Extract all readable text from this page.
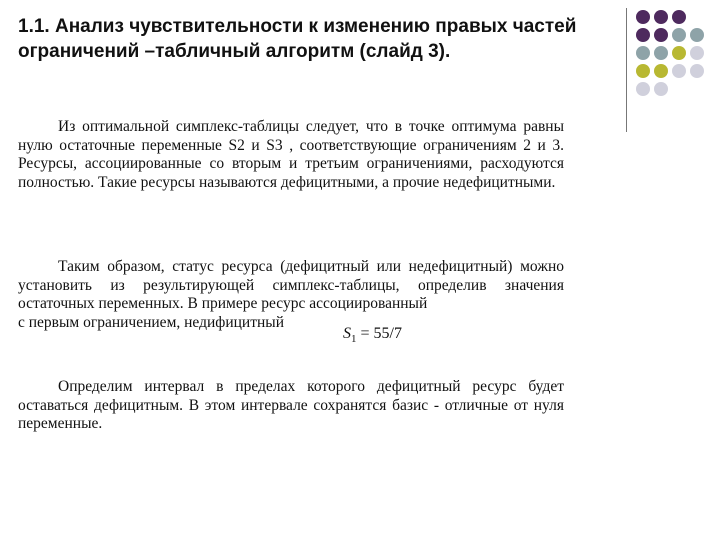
1.1. Анализ чувствительности к изменению правых частей ограничений –табличный алгоритм (слайд 3).

Из оптимальной симплекс-таблицы следует, что в точке оптимума равны нулю остаточные переменные S2 и S3 , соответствующие ограничениям 2 и 3. Ресурсы, ассоциированные со вторым и третьим ограничениями, расходуются полностью. Такие ресурсы называются дефицитными, а прочие недефицитными.

Таким образом, статус ресурса (дефицитный или недефицитный) можно установить из результирующей симплекс-таблицы, определив значения остаточных переменных. В примере ресурс ассоциированный

с первым ограничением, недифицитный
$S_1 = 55/7$

Определим интервал в пределах которого дефицитный ресурс будет оставаться дефицитным. В этом интервале сохранятся базис - отличные от нуля переменные.
